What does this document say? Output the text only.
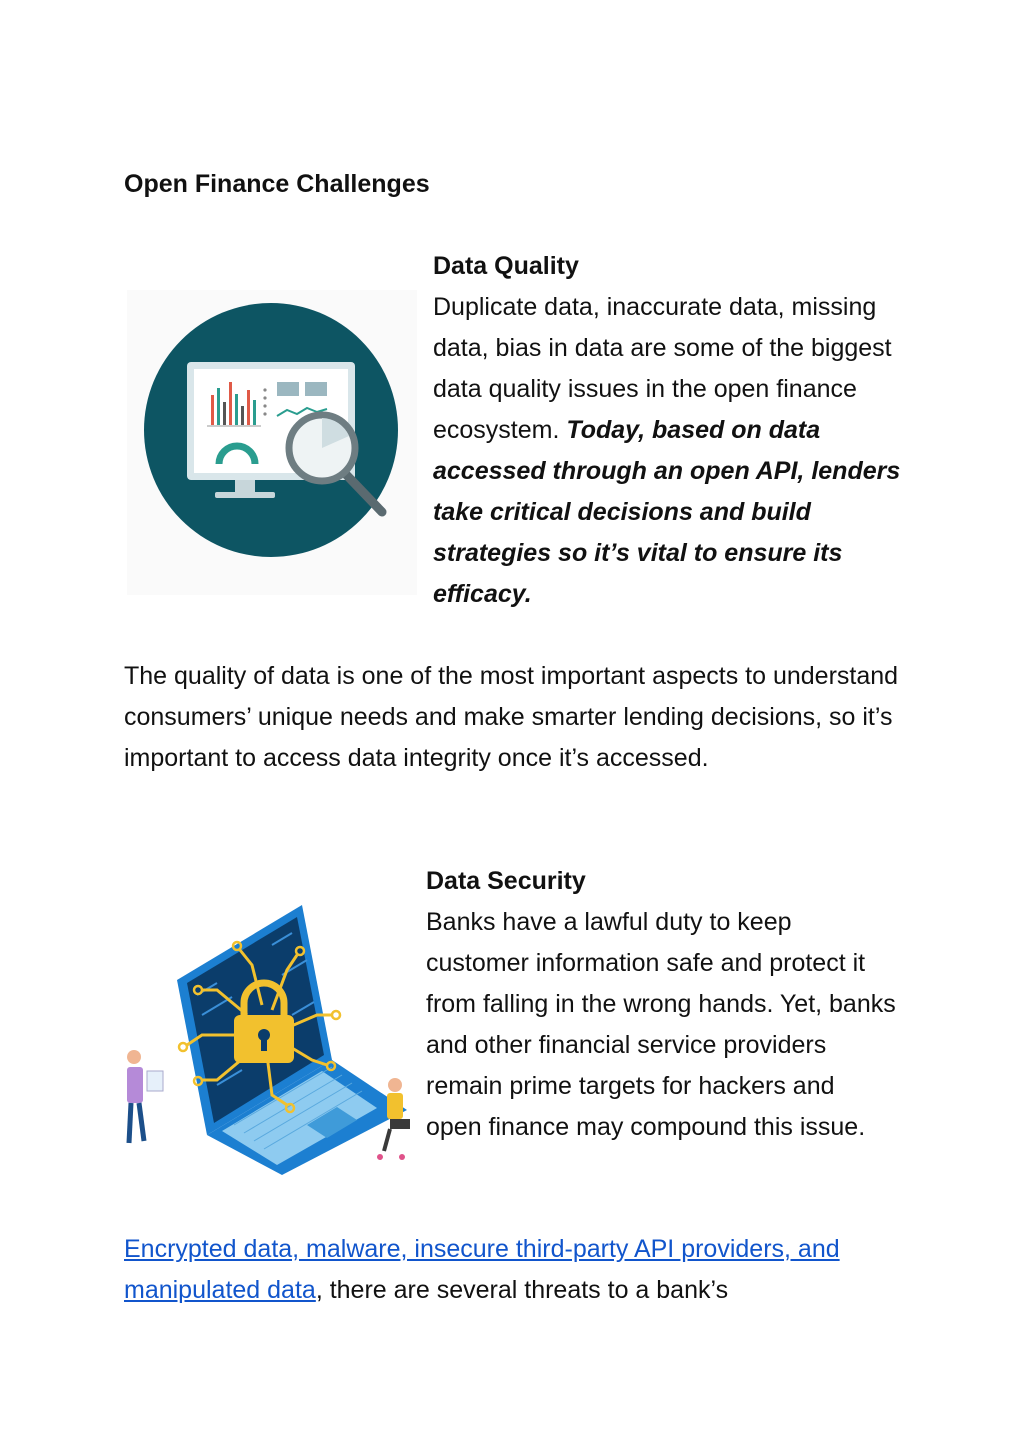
Open Finance Challenges
Data Quality
Duplicate data, inaccurate data, missing data, bias in data are some of the biggest data quality issues in the open finance ecosystem. Today, based on data accessed through an open API, lenders take critical decisions and build strategies so it’s vital to ensure its efficacy.
The quality of data is one of the most important aspects to understand consumers’ unique needs and make smarter lending decisions, so it’s important to access data integrity once it’s accessed.
Data Security
Banks have a lawful duty to keep customer information safe and protect it from falling in the wrong hands. Yet, banks and other financial service providers remain prime targets for hackers and open finance may compound this issue.
Encrypted data, malware, insecure third-party API providers, and manipulated data, there are several threats to a bank’s
